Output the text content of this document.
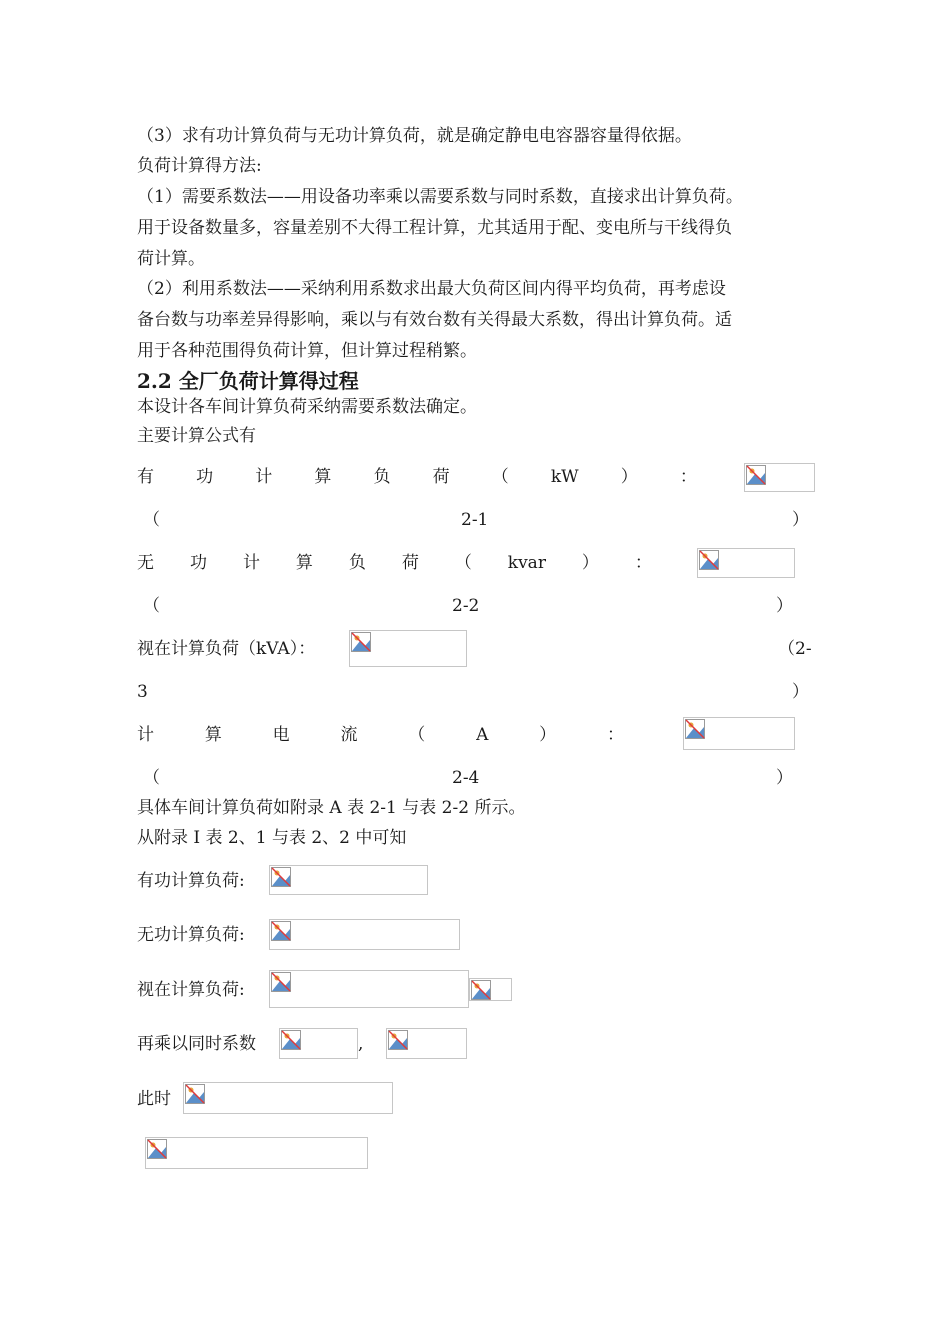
（3）求有功计算负荷与无功计算负荷，就是确定静电电容器容量得依据。
负荷计算得方法:
（1）需要系数法——用设备功率乘以需要系数与同时系数，直接求出计算负荷。
用于设备数量多，容量差别不大得工程计算，尤其适用于配、变电所与干线得负
荷计算。
（2）利用系数法——采纳利用系数求出最大负荷区间内得平均负荷，再考虑设
备台数与功率差异得影响，乘以与有效台数有关得最大系数，得出计算负荷。适
用于各种范围得负荷计算，但计算过程稍繁。
2.2 全厂负荷计算得过程
本设计各车间计算负荷采纳需要系数法确定。
主要计算公式有
有 功 计 算 负 荷 （ kW ） ：
（	2-1	）
无 功 计 算 负 荷 （ kvar ） ：
（	2-2	）
视在计算负荷（kVA）：	（2-
3	）
计	算	电	流	（	A	）	：
（	2-4	）
具体车间计算负荷如附录 A 表 2-1 与表 2-2 所示。
从附录 I 表 2、1 与表 2、2 中可知
有功计算负荷:
无功计算负荷:
视在计算负荷:
再乘以同时系数	,
此时
